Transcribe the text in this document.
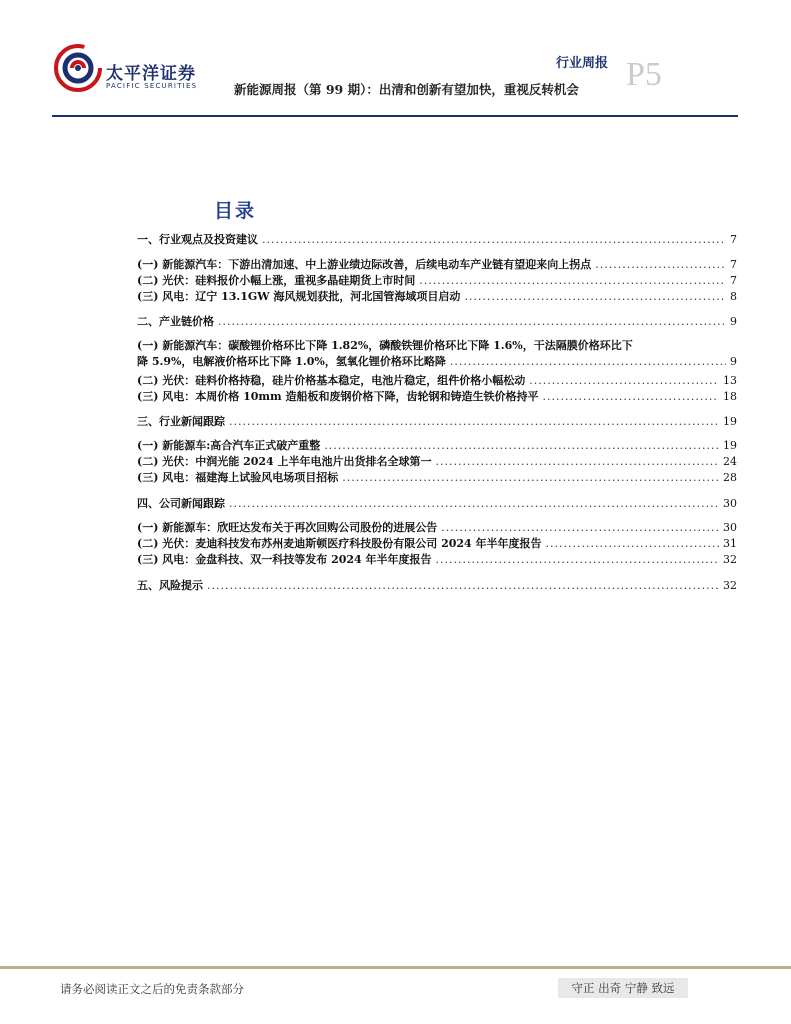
太平洋证券
PACIFIC SECURITIES
行业周报 P5
新能源周报（第 99 期）：出清和创新有望加快，重视反转机会
目录
一、 行业观点及投资建议 .....	7
(一) 新能源汽车：下游出清加速、中上游业绩边际改善，后续电动车产业链有望迎来向上拐点 .....	7
(二) 光伏：硅料报价小幅上涨，重视多晶硅期货上市时间 .....	7
(三) 风电：辽宁 13.1GW 海风规划获批，河北国管海域项目启动 .....	8
二、 产业链价格 .....	9
(一) 新能源汽车：碳酸锂价格环比下降 1.82%，磷酸铁锂价格环比下降 1.6%，干法隔膜价格环比下
降 5.9%，电解液价格环比下降 1.0%，氢氧化锂价格环比略降 .....	9
(二) 光伏：硅料价格持稳，硅片价格基本稳定，电池片稳定，组件价格小幅松动 .....	13
(三) 风电：本周价格 10mm 造船板和废钢价格下降，齿轮钢和铸造生铁价格持平 .....	18
三、 行业新闻跟踪 .....	19
(一) 新能源车:高合汽车正式破产重整 .....	19
(二) 光伏：中润光能 2024 上半年电池片出货排名全球第一 .....	24
(三) 风电：福建海上试验风电场项目招标 .....	28
四、 公司新闻跟踪 .....	30
(一) 新能源车：欣旺达发布关于再次回购公司股份的进展公告 .....	30
(二) 光伏：麦迪科技发布苏州麦迪斯顿医疗科技股份有限公司 2024 年半年度报告 .....	31
(三) 风电：金盘科技、双一科技等发布 2024 年半年度报告 .....	32
五、 风险提示 .....	32
请务必阅读正文之后的免责条款部分	守正 出奇 宁静 致远
